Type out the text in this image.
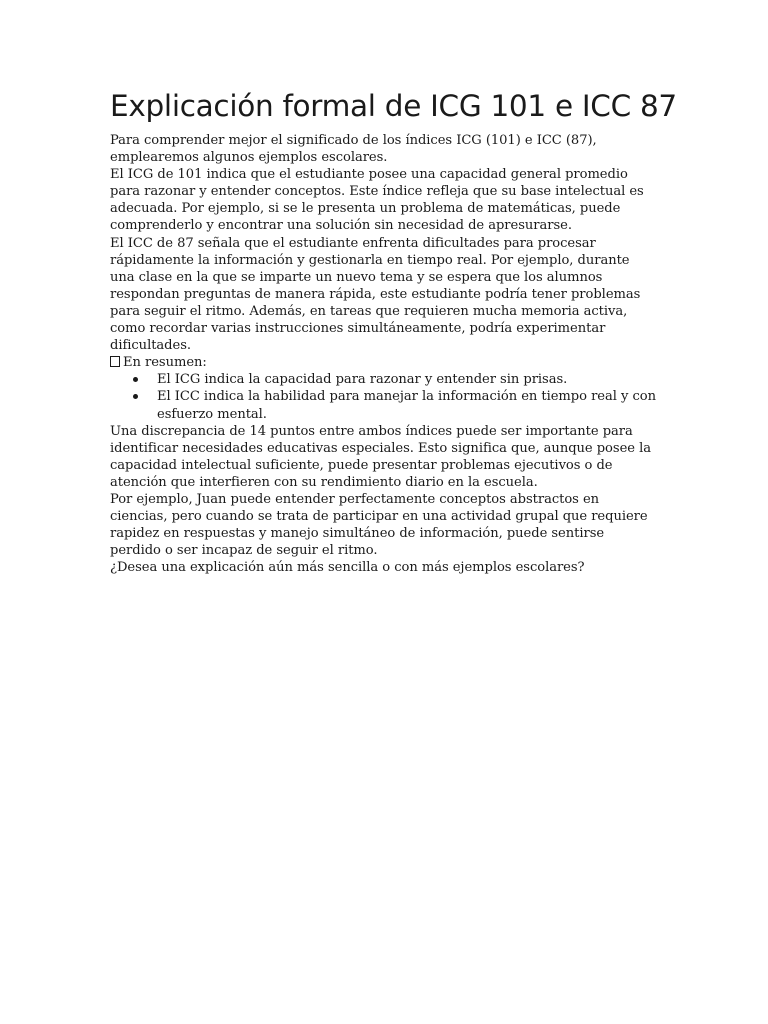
Explicación formal de ICG 101 e ICC 87

Para comprender mejor el significado de los índices ICG (101) e ICC (87), emplearemos algunos ejemplos escolares.

El ICG de 101 indica que el estudiante posee una capacidad general promedio para razonar y entender conceptos. Este índice refleja que su base intelectual es adecuada. Por ejemplo, si se le presenta un problema de matemáticas, puede comprenderlo y encontrar una solución sin necesidad de apresurarse.

El ICC de 87 señala que el estudiante enfrenta dificultades para procesar rápidamente la información y gestionarla en tiempo real. Por ejemplo, durante una clase en la que se imparte un nuevo tema y se espera que los alumnos respondan preguntas de manera rápida, este estudiante podría tener problemas para seguir el ritmo. Además, en tareas que requieren mucha memoria activa, como recordar varias instrucciones simultáneamente, podría experimentar dificultades.

En resumen:

El ICG indica la capacidad para razonar y entender sin prisas.
El ICC indica la habilidad para manejar la información en tiempo real y con esfuerzo mental.

Una discrepancia de 14 puntos entre ambos índices puede ser importante para identificar necesidades educativas especiales. Esto significa que, aunque posee la capacidad intelectual suficiente, puede presentar problemas ejecutivos o de atención que interfieren con su rendimiento diario en la escuela.

Por ejemplo, Juan puede entender perfectamente conceptos abstractos en ciencias, pero cuando se trata de participar en una actividad grupal que requiere rapidez en respuestas y manejo simultáneo de información, puede sentirse perdido o ser incapaz de seguir el ritmo.

¿Desea una explicación aún más sencilla o con más ejemplos escolares?
